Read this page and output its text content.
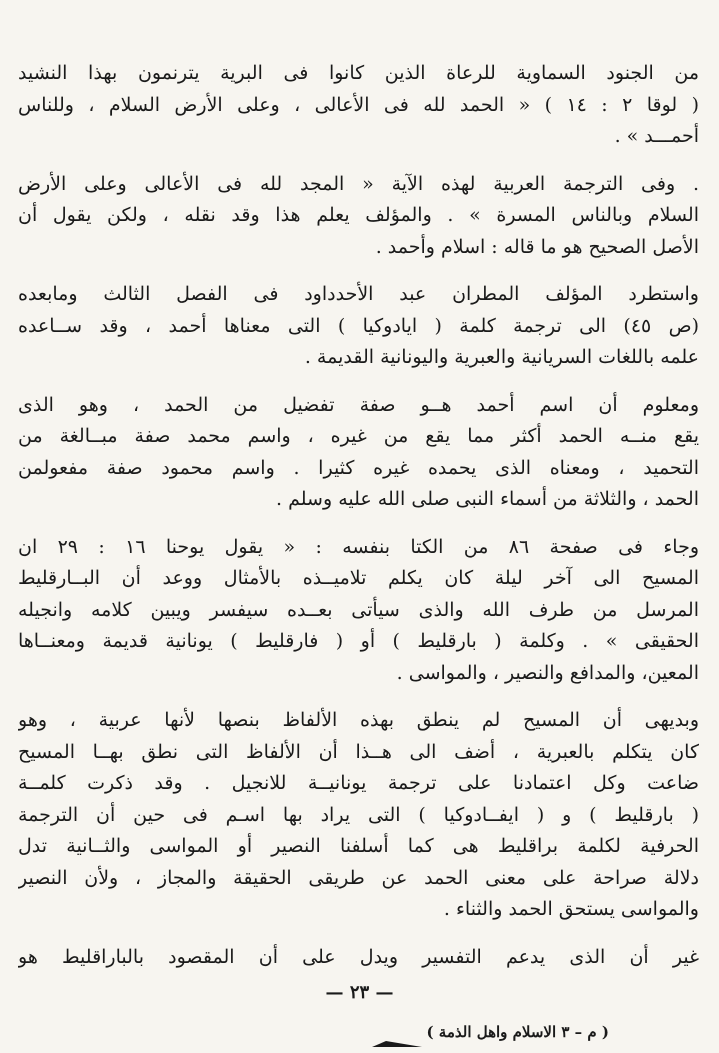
من الجنود السماوية للرعاة الذين كانوا فى البرية يترنمون بهذا النشيد
( لوقا ٢ : ١٤ ) « الحمد لله فى الأعالى ، وعلى الأرض السلام ، وللناس
أحمـــد » .

. وفى الترجمة العربية لهذه الآية « المجد لله فى الأعالى وعلى الأرض
السلام وبالناس المسرة » . والمؤلف يعلم هذا وقد نقله ، ولكن يقول أن
الأصل الصحيح هو ما قاله : اسلام وأحمد .

واستطرد المؤلف المطران عبد الأحدداود فى الفصل الثالث ومابعده
(ص ٤٥) الى ترجمة كلمة ( ايادوكيا ) التى معناها أحمد ، وقد ســاعده
علمه باللغات السريانية والعبرية واليونانية القديمة .

ومعلوم أن اسم أحمد هــو صفة تفضيل من الحمد ، وهو الذى
يقع منــه الحمد أكثر مما يقع من غيره ، واسم محمد صفة مبــالغة من
التحميد ، ومعناه الذى يحمده غيره كثيرا . واسم محمود صفة مفعولمن
الحمد ، والثلاثة من أسماء النبى صلى الله عليه وسلم .

وجاء فى صفحة ٨٦ من الكتا بنفسه : « يقول يوحنا ١٦ : ٢٩ ان
المسيح الى آخر ليلة كان يكلم تلاميــذه بالأمثال ووعد أن البــارقليط
المرسل من طرف الله والذى سيأتى بعــده سيفسر ويبين كلامه وانجيله
الحقيقى » . وكلمة ( بارقليط ) أو ( فارقليط ) يونانية قديمة ومعنــاها
المعين، والمدافع والنصير ، والمواسى .

وبديهى أن المسيح لم ينطق بهذه الألفاظ بنصها لأنها عربية ، وهو
كان يتكلم بالعبرية ، أضف الى هــذا أن الألفاظ التى نطق بهــا المسيح
ضاعت وكل اعتمادنا على ترجمة يونانيــة للانجيل . وقد ذكرت كلمــة
( بارقليط ) و ( ايفــادوكيا ) التى يراد بها اسـم فى حين أن الترجمة
الحرفية لكلمة براقليط هى كما أسلفنا النصير أو المواسى والثــانية تدل
دلالة صراحة على معنى الحمد عن طريقى الحقيقة والمجاز ، ولأن النصير
والمواسى يستحق الحمد والثناء .

غير أن الذى يدعم التفسير ويدل على أن المقصود بالباراقليط هو

— ٢٣ —
( م – ٣ الاسلام واهل الذمة )
